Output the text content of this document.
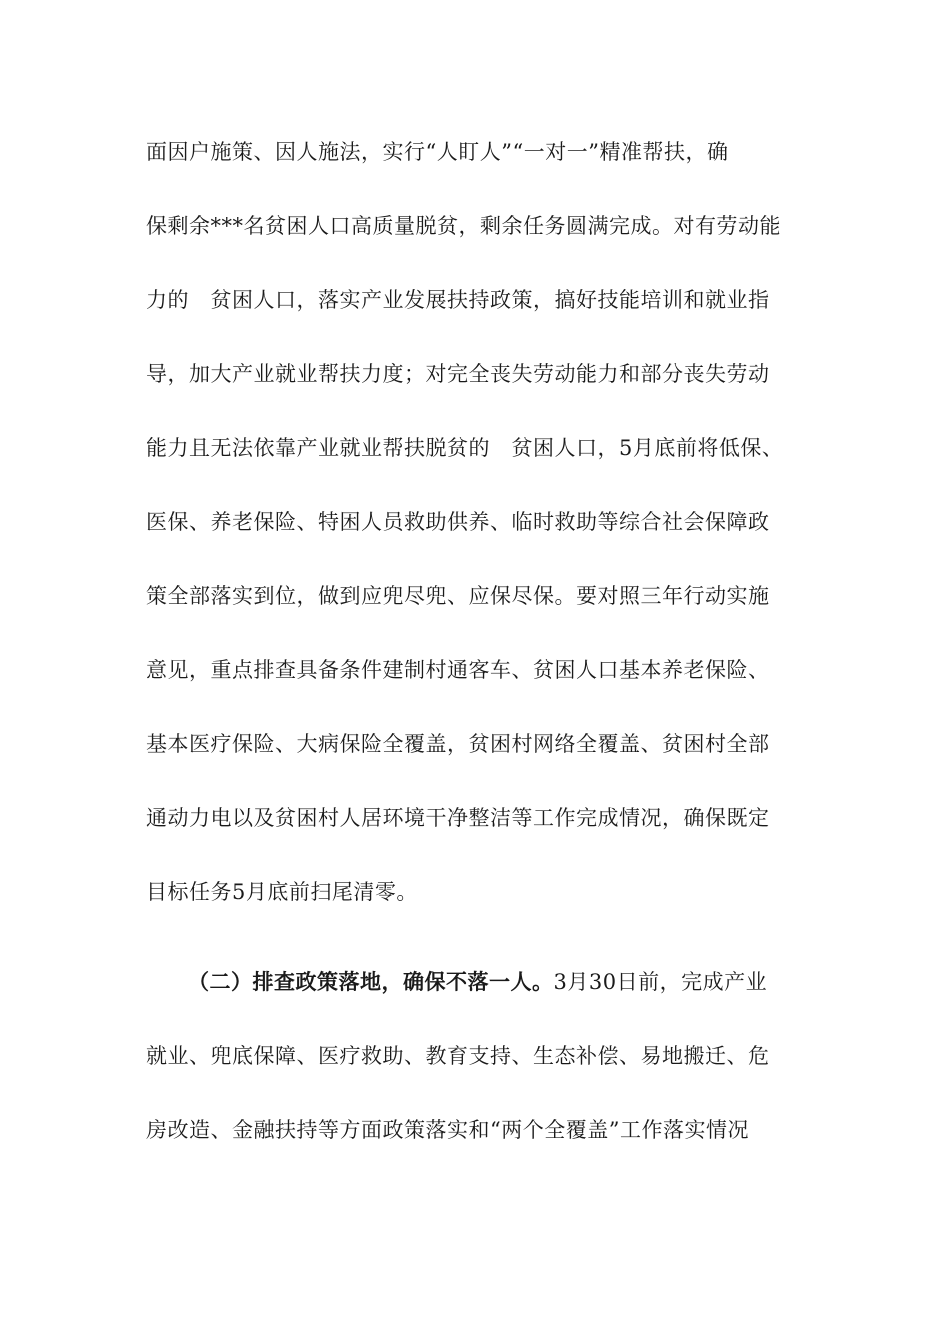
面因户施策、因人施法，实行“人盯人”“一对一”精准帮扶，确
保剩余***名贫困人口高质量脱贫，剩余任务圆满完成。对有劳动能
力的   贫困人口，落实产业发展扶持政策，搞好技能培训和就业指
导，加大产业就业帮扶力度；对完全丧失劳动能力和部分丧失劳动
能力且无法依靠产业就业帮扶脱贫的   贫困人口，5月底前将低保、
医保、养老保险、特困人员救助供养、临时救助等综合社会保障政
策全部落实到位，做到应兜尽兜、应保尽保。要对照三年行动实施
意见，重点排查具备条件建制村通客车、贫困人口基本养老保险、
基本医疗保险、大病保险全覆盖，贫困村网络全覆盖、贫困村全部
通动力电以及贫困村人居环境干净整洁等工作完成情况，确保既定
目标任务5月底前扫尾清零。
（二）排查政策落地，确保不落一人。3月30日前，完成产业
就业、兜底保障、医疗救助、教育支持、生态补偿、易地搬迁、危
房改造、金融扶持等方面政策落实和“两个全覆盖”工作落实情况
